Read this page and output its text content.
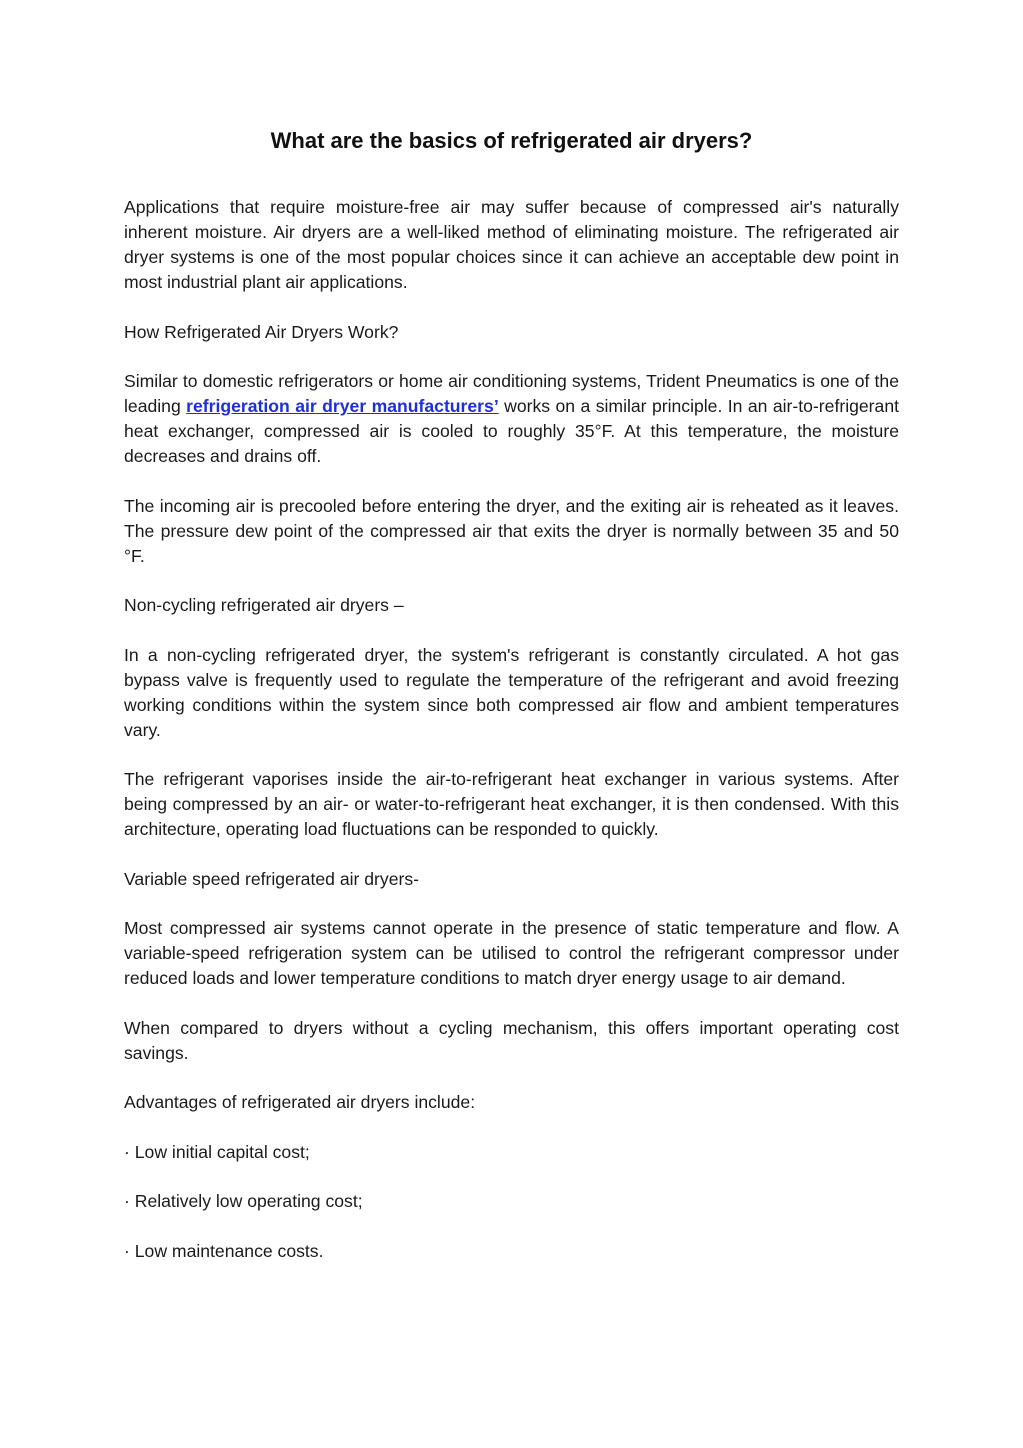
What are the basics of refrigerated air dryers?

Applications that require moisture-free air may suffer because of compressed air's naturally inherent moisture. Air dryers are a well-liked method of eliminating moisture. The refrigerated air dryer systems is one of the most popular choices since it can achieve an acceptable dew point in most industrial plant air applications.

How Refrigerated Air Dryers Work?

Similar to domestic refrigerators or home air conditioning systems, Trident Pneumatics is one of the leading refrigeration air dryer manufacturers’ works on a similar principle. In an air-to-refrigerant heat exchanger, compressed air is cooled to roughly 35°F. At this temperature, the moisture decreases and drains off.

The incoming air is precooled before entering the dryer, and the exiting air is reheated as it leaves. The pressure dew point of the compressed air that exits the dryer is normally between 35 and 50 °F.

Non-cycling refrigerated air dryers –

In a non-cycling refrigerated dryer, the system's refrigerant is constantly circulated. A hot gas bypass valve is frequently used to regulate the temperature of the refrigerant and avoid freezing working conditions within the system since both compressed air flow and ambient temperatures vary.

The refrigerant vaporises inside the air-to-refrigerant heat exchanger in various systems. After being compressed by an air- or water-to-refrigerant heat exchanger, it is then condensed. With this architecture, operating load fluctuations can be responded to quickly.

Variable speed refrigerated air dryers-

Most compressed air systems cannot operate in the presence of static temperature and flow. A variable-speed refrigeration system can be utilised to control the refrigerant compressor under reduced loads and lower temperature conditions to match dryer energy usage to air demand.

When compared to dryers without a cycling mechanism, this offers important operating cost savings.

Advantages of refrigerated air dryers include:

· Low initial capital cost;

· Relatively low operating cost;

· Low maintenance costs.
